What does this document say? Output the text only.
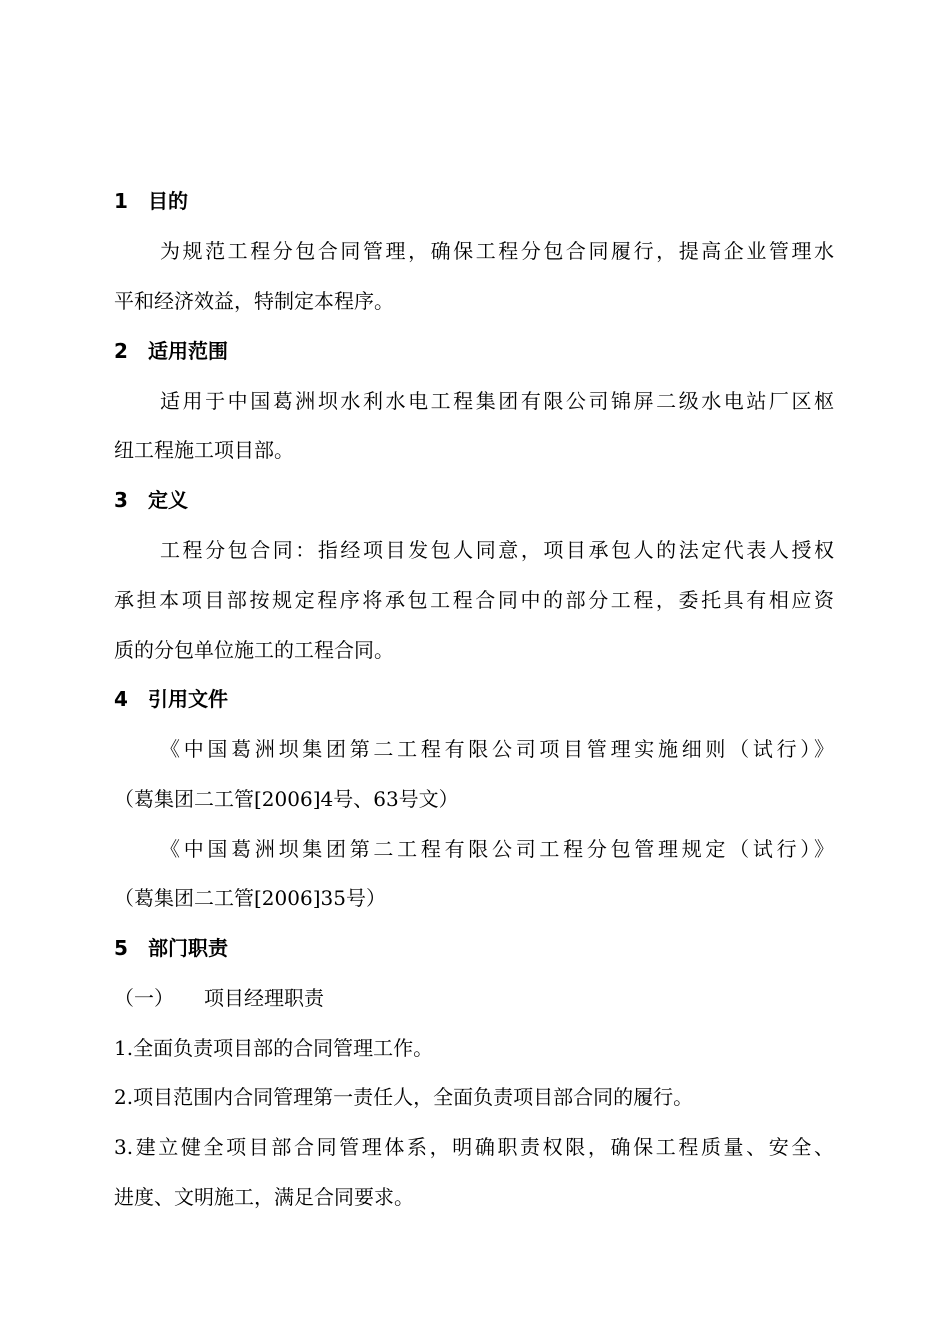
1 目的
为规范工程分包合同管理，确保工程分包合同履行，提高企业管理水
平和经济效益，特制定本程序。
2 适用范围
适用于中国葛洲坝水利水电工程集团有限公司锦屏二级水电站厂区枢
纽工程施工项目部。
3 定义
工程分包合同：指经项目发包人同意，项目承包人的法定代表人授权
承担本项目部按规定程序将承包工程合同中的部分工程，委托具有相应资
质的分包单位施工的工程合同。
4 引用文件
《中国葛洲坝集团第二工程有限公司项目管理实施细则（试行）》
（葛集团二工管[2006]4号、63号文）
《中国葛洲坝集团第二工程有限公司工程分包管理规定（试行）》
（葛集团二工管[2006]35号）
5 部门职责
（一） 项目经理职责
1.全面负责项目部的合同管理工作。
2.项目范围内合同管理第一责任人，全面负责项目部合同的履行。
3.建立健全项目部合同管理体系，明确职责权限，确保工程质量、安全、
进度、文明施工，满足合同要求。
